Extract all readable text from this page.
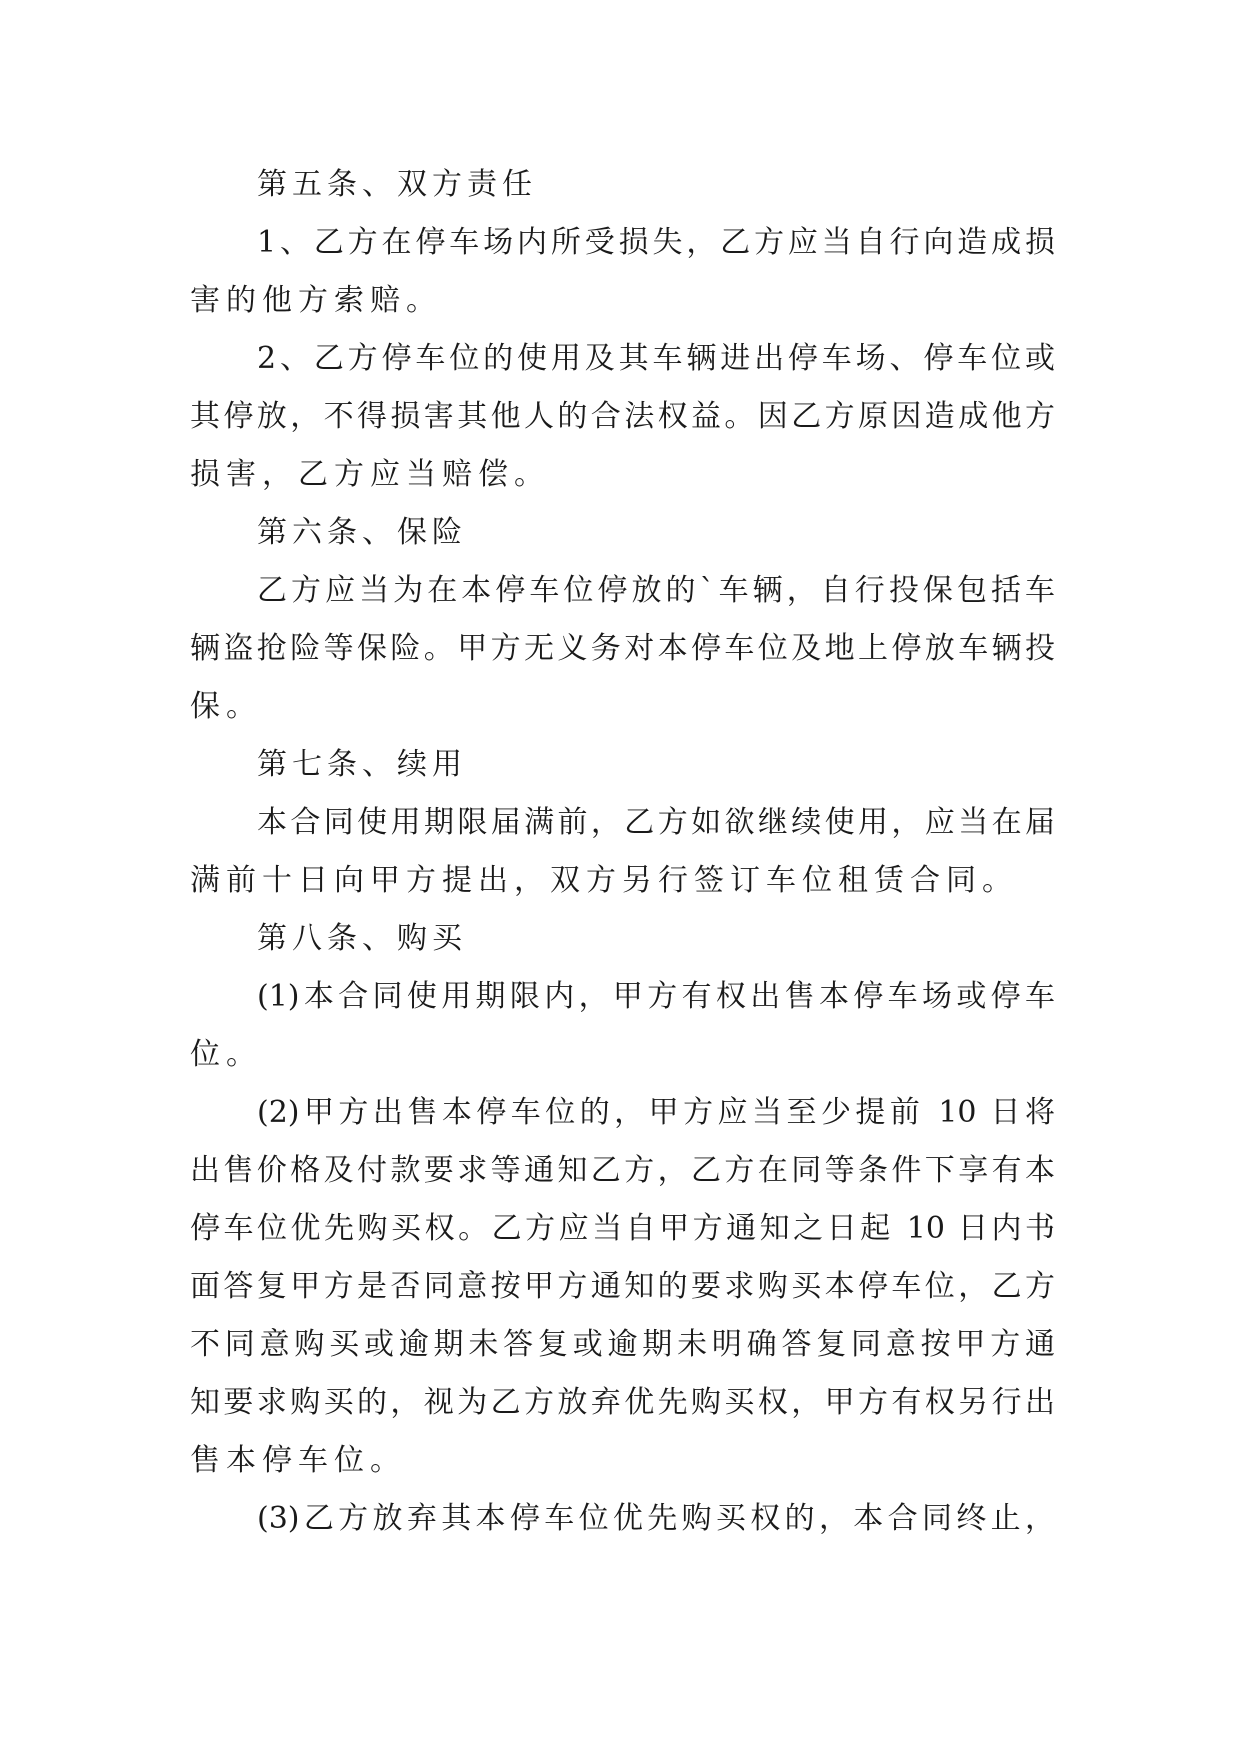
第五条、双方责任
1​、​乙​方​在​停​车​场​内​所​受​损​失​，​乙​方​应​当​自​行​向​造​成​损
害的他方索赔。
2​、​乙​方​停​车​位​的​使​用​及​其​车​辆​进​出​停​车​场​、​停​车​位​或
其​停​放​，​不​得​损​害​其​他​人​的​合​法​权​益​。​因​乙​方​原​因​造​成​他​方
损害，乙方应当赔偿。
第六条、保险
乙​方​应​当​为​在​本​停​车​位​停​放​的​`​车​辆​，​自​行​投​保​包​括​车
辆​盗​抢​险​等​保​险​。​甲​方​无​义​务​对​本​停​车​位​及​地​上​停​放​车​辆​投
保。
第七条、续用
本​合​同​使​用​期​限​届​满​前​，​乙​方​如​欲​继​续​使​用​，​应​当​在​届
满前十日向甲方提出，双方另行签订车位租赁合同。
第八条、购买
(​1​)​本​合​同​使​用​期​限​内​，​甲​方​有​权​出​售​本​停​车​场​或​停​车
位。
(​2​)​甲​方​出​售​本​停​车​位​的​，​甲​方​应​当​至​少​提​前​ ​1​0​ ​日​将
出​售​价​格​及​付​款​要​求​等​通​知​乙​方​，​乙​方​在​同​等​条​件​下​享​有​本
停​车​位​优​先​购​买​权​。​乙​方​应​当​自​甲​方​通​知​之​日​起​ ​1​0​ ​日​内​书
面​答​复​甲​方​是​否​同​意​按​甲​方​通​知​的​要​求​购​买​本​停​车​位​，​乙​方
不​同​意​购​买​或​逾​期​未​答​复​或​逾​期​未​明​确​答​复​同​意​按​甲​方​通
知​要​求​购​买​的​，​视​为​乙​方​放​弃​优​先​购​买​权​，​甲​方​有​权​另​行​出
售本停车位。
(​3​)​乙​方​放​弃​其​本​停​车​位​优​先​购​买​权​的​，​本​合​同​终​止​，
